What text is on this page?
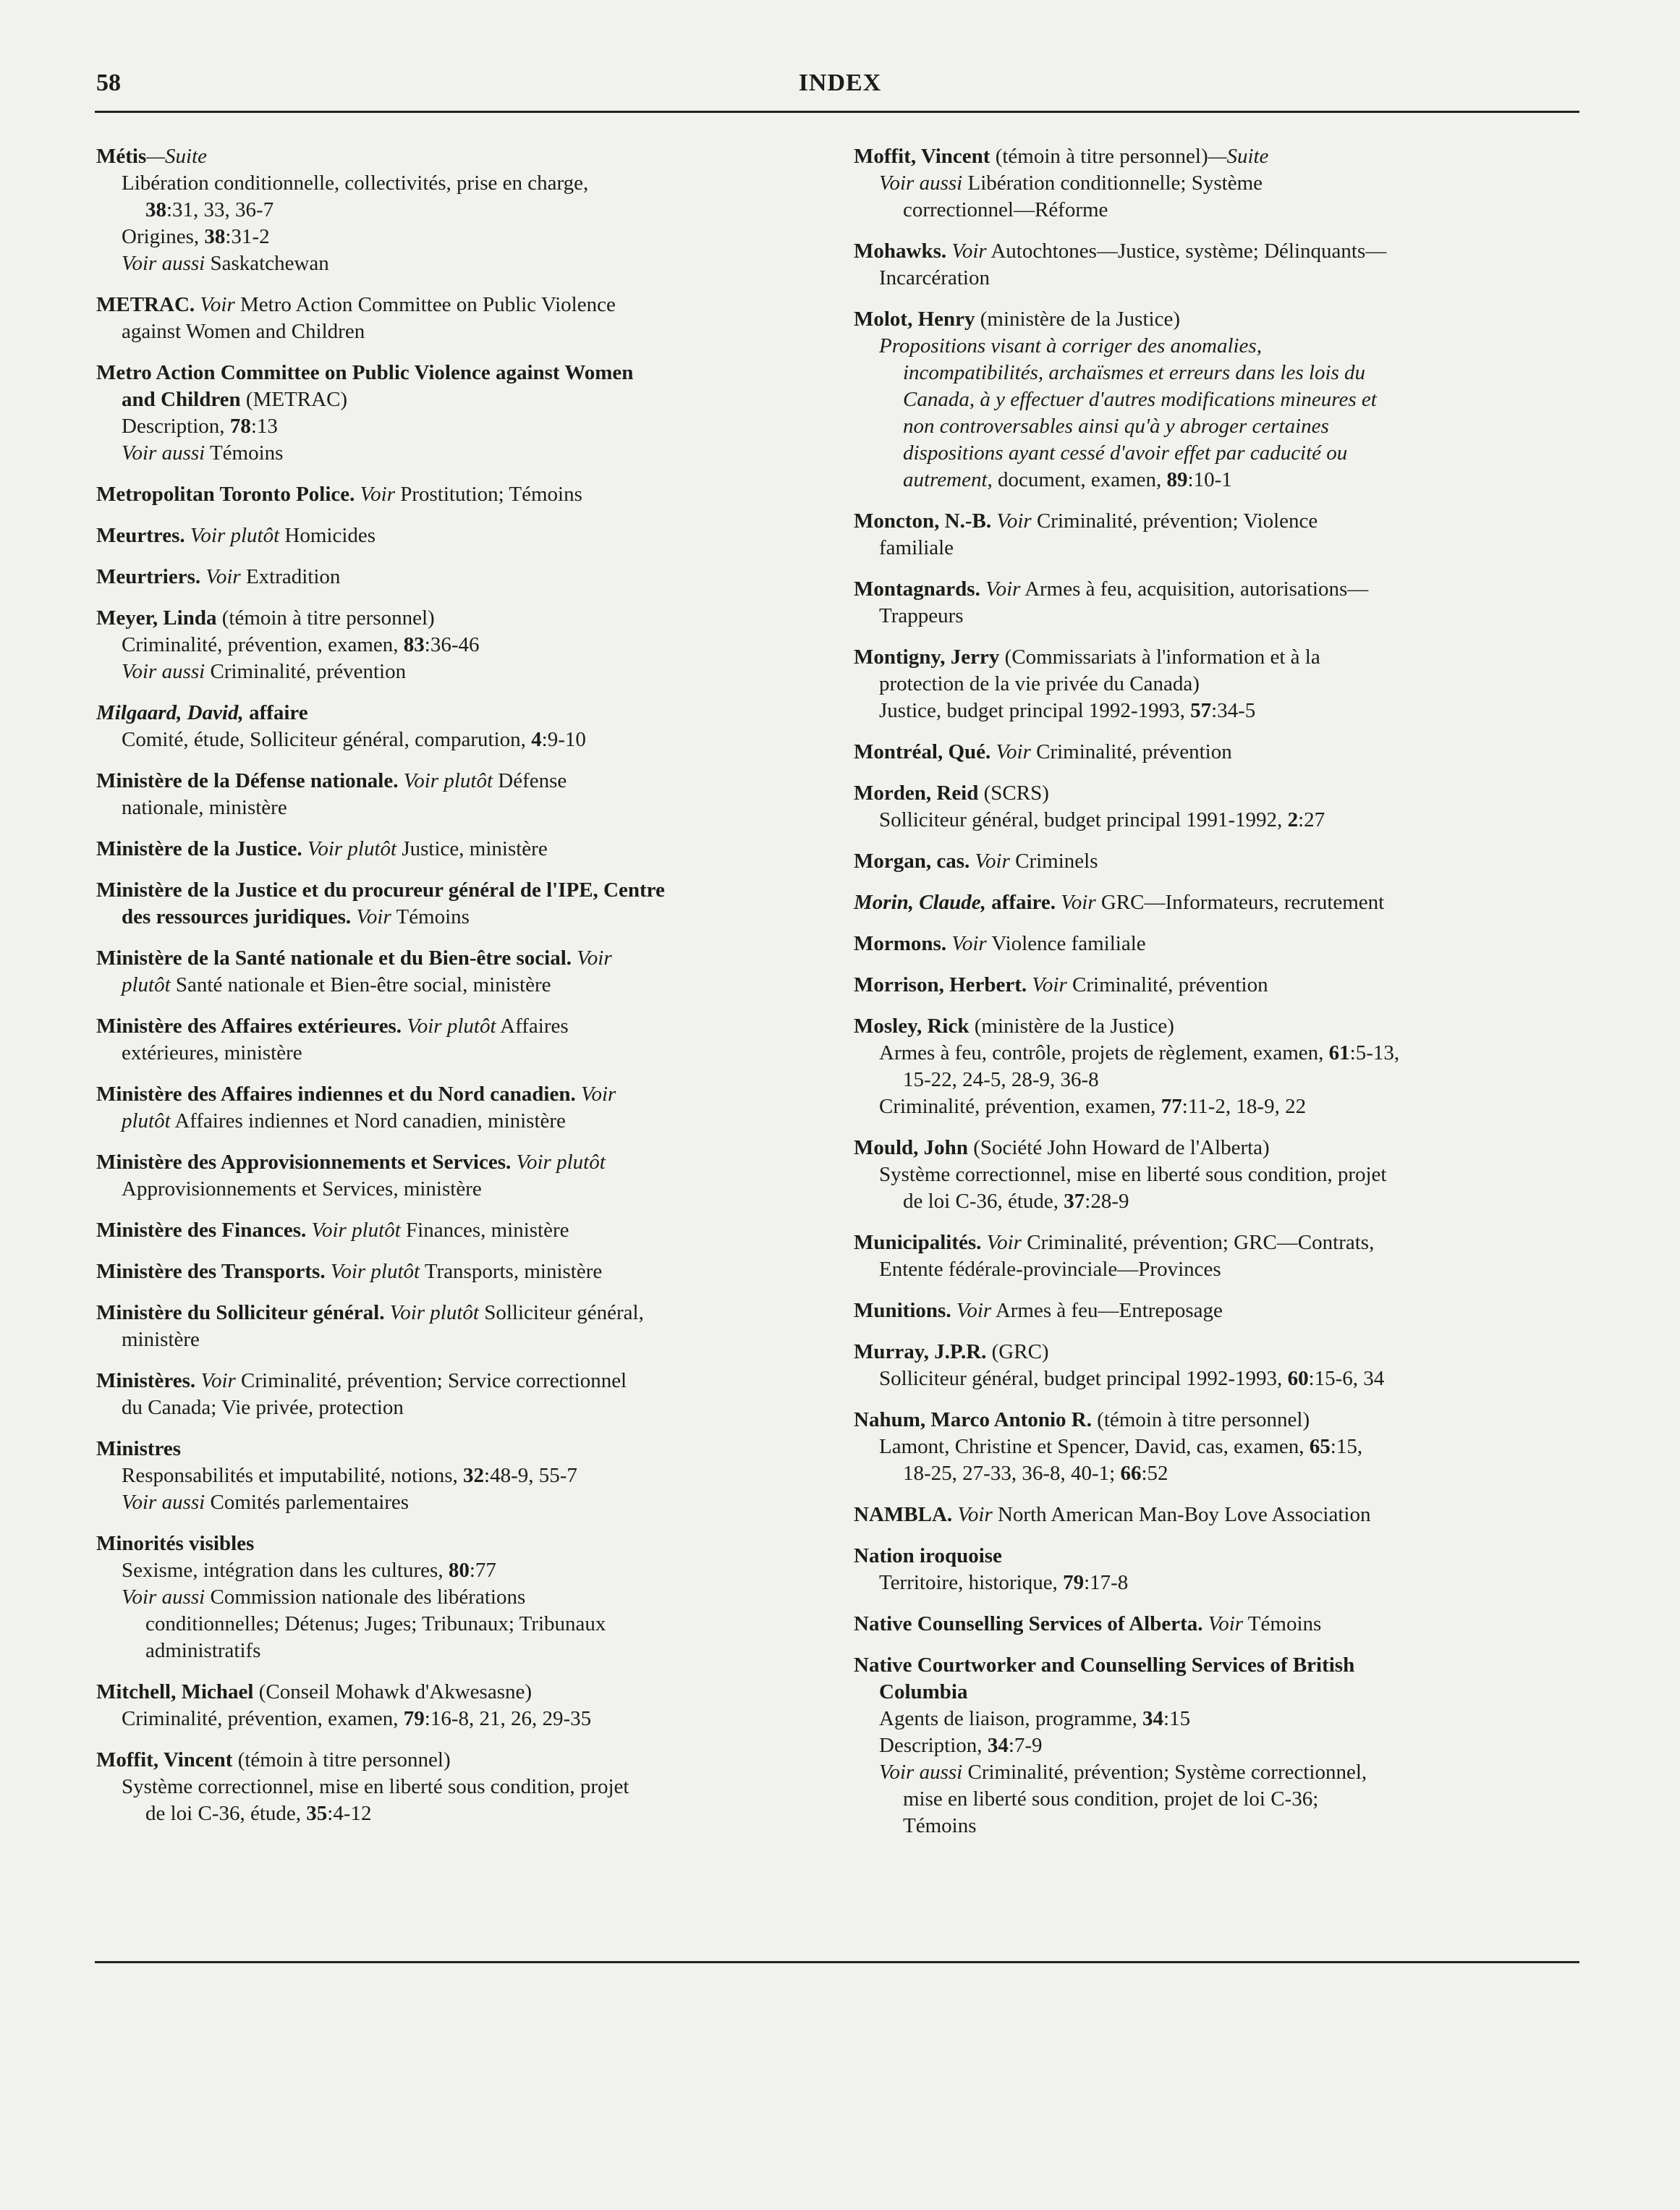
58	INDEX
Métis—Suite
Libération conditionnelle, collectivités, prise en charge,
38:31, 33, 36-7
Origines, 38:31-2
Voir aussi Saskatchewan
METRAC. Voir Metro Action Committee on Public Violence
against Women and Children
Metro Action Committee on Public Violence against Women
and Children (METRAC)
Description, 78:13
Voir aussi Témoins
Metropolitan Toronto Police. Voir Prostitution; Témoins
Meurtres. Voir plutôt Homicides
Meurtriers. Voir Extradition
Meyer, Linda (témoin à titre personnel)
Criminalité, prévention, examen, 83:36-46
Voir aussi Criminalité, prévention
Milgaard, David, affaire
Comité, étude, Solliciteur général, comparution, 4:9-10
Ministère de la Défense nationale. Voir plutôt Défense
nationale, ministère
Ministère de la Justice. Voir plutôt Justice, ministère
Ministère de la Justice et du procureur général de l'IPE, Centre
des ressources juridiques. Voir Témoins
Ministère de la Santé nationale et du Bien-être social. Voir
plutôt Santé nationale et Bien-être social, ministère
Ministère des Affaires extérieures. Voir plutôt Affaires
extérieures, ministère
Ministère des Affaires indiennes et du Nord canadien. Voir
plutôt Affaires indiennes et Nord canadien, ministère
Ministère des Approvisionnements et Services. Voir plutôt
Approvisionnements et Services, ministère
Ministère des Finances. Voir plutôt Finances, ministère
Ministère des Transports. Voir plutôt Transports, ministère
Ministère du Solliciteur général. Voir plutôt Solliciteur général,
ministère
Ministères. Voir Criminalité, prévention; Service correctionnel
du Canada; Vie privée, protection
Ministres
Responsabilités et imputabilité, notions, 32:48-9, 55-7
Voir aussi Comités parlementaires
Minorités visibles
Sexisme, intégration dans les cultures, 80:77
Voir aussi Commission nationale des libérations
conditionnelles; Détenus; Juges; Tribunaux; Tribunaux
administratifs
Mitchell, Michael (Conseil Mohawk d'Akwesasne)
Criminalité, prévention, examen, 79:16-8, 21, 26, 29-35
Moffit, Vincent (témoin à titre personnel)
Système correctionnel, mise en liberté sous condition, projet
de loi C-36, étude, 35:4-12
Moffit, Vincent (témoin à titre personnel)—Suite
Voir aussi Libération conditionnelle; Système
correctionnel—Réforme
Mohawks. Voir Autochtones—Justice, système; Délinquants—
Incarcération
Molot, Henry (ministère de la Justice)
Propositions visant à corriger des anomalies,
incompatibilités, archaïsmes et erreurs dans les lois du
Canada, à y effectuer d'autres modifications mineures et
non controversables ainsi qu'à y abroger certaines
dispositions ayant cessé d'avoir effet par caducité ou
autrement, document, examen, 89:10-1
Moncton, N.-B. Voir Criminalité, prévention; Violence
familiale
Montagnards. Voir Armes à feu, acquisition, autorisations—
Trappeurs
Montigny, Jerry (Commissariats à l'information et à la
protection de la vie privée du Canada)
Justice, budget principal 1992-1993, 57:34-5
Montréal, Qué. Voir Criminalité, prévention
Morden, Reid (SCRS)
Solliciteur général, budget principal 1991-1992, 2:27
Morgan, cas. Voir Criminels
Morin, Claude, affaire. Voir GRC—Informateurs, recrutement
Mormons. Voir Violence familiale
Morrison, Herbert. Voir Criminalité, prévention
Mosley, Rick (ministère de la Justice)
Armes à feu, contrôle, projets de règlement, examen, 61:5-13,
15-22, 24-5, 28-9, 36-8
Criminalité, prévention, examen, 77:11-2, 18-9, 22
Mould, John (Société John Howard de l'Alberta)
Système correctionnel, mise en liberté sous condition, projet
de loi C-36, étude, 37:28-9
Municipalités. Voir Criminalité, prévention; GRC—Contrats,
Entente fédérale-provinciale—Provinces
Munitions. Voir Armes à feu—Entreposage
Murray, J.P.R. (GRC)
Solliciteur général, budget principal 1992-1993, 60:15-6, 34
Nahum, Marco Antonio R. (témoin à titre personnel)
Lamont, Christine et Spencer, David, cas, examen, 65:15,
18-25, 27-33, 36-8, 40-1; 66:52
NAMBLA. Voir North American Man-Boy Love Association
Nation iroquoise
Territoire, historique, 79:17-8
Native Counselling Services of Alberta. Voir Témoins
Native Courtworker and Counselling Services of British
Columbia
Agents de liaison, programme, 34:15
Description, 34:7-9
Voir aussi Criminalité, prévention; Système correctionnel,
mise en liberté sous condition, projet de loi C-36;
Témoins
